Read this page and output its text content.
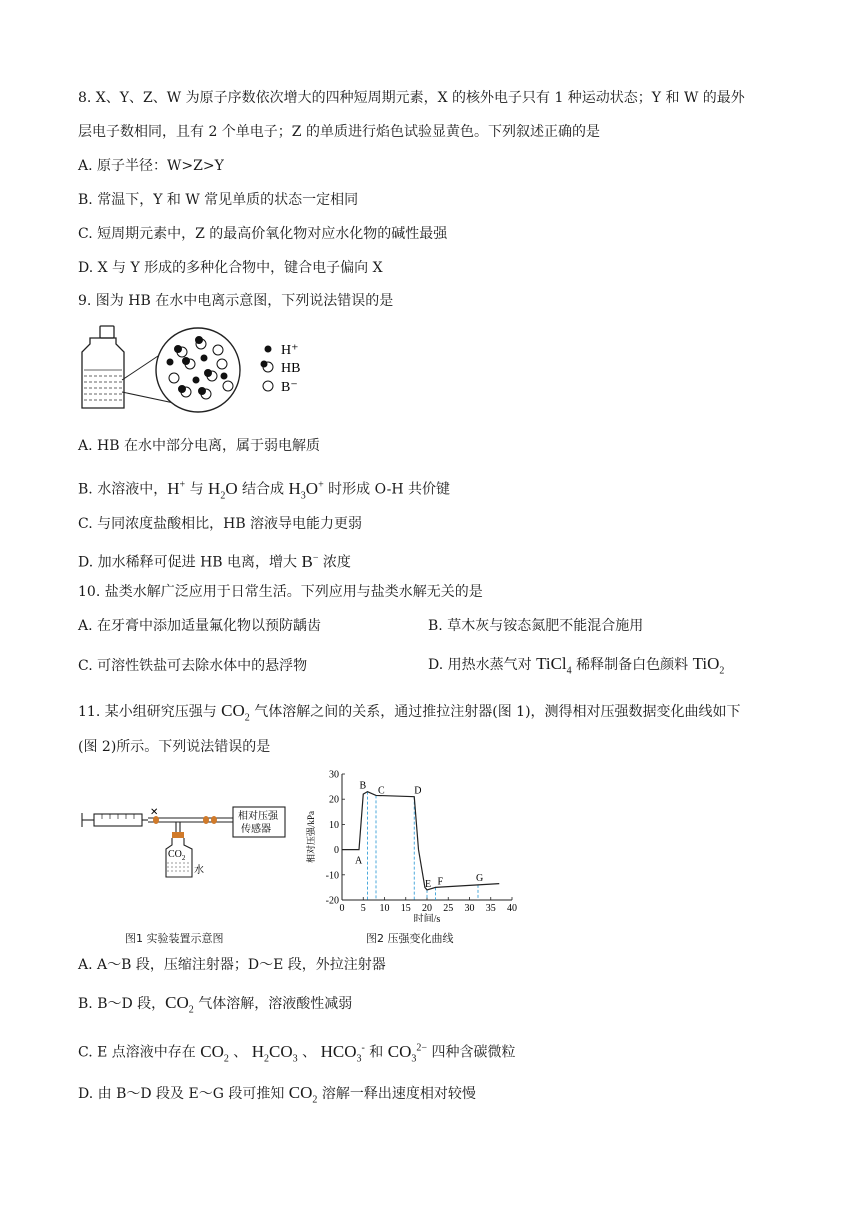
8. X、Y、Z、W 为原子序数依次增大的四种短周期元素，X 的核外电子只有 1 种运动状态；Y 和 W 的最外
层电子数相同，且有 2 个单电子；Z 的单质进行焰色试验显黄色。下列叙述正确的是
A. 原子半径：W>Z>Y
B. 常温下，Y 和 W 常见单质的状态一定相同
C. 短周期元素中，Z 的最高价氧化物对应水化物的碱性最强
D. X 与 Y 形成的多种化合物中，键合电子偏向 X
9. 图为 HB 在水中电离示意图，下列说法错误的是
H⁺
HB
B⁻
A. HB 在水中部分电离，属于弱电解质
B. 水溶液中，H+ 与 $H_2O$ 结合成 $H_3O^+$ 时形成 O-H 共价键
C. 与同浓度盐酸相比，HB 溶液导电能力更弱
D. 加水稀释可促进 HB 电离，增大 B− 浓度
10. 盐类水解广泛应用于日常生活。下列应用与盐类水解无关的是
A. 在牙膏中添加适量氟化物以预防龋齿	B. 草木灰与铵态氮肥不能混合施用
C. 可溶性铁盐可去除水体中的悬浮物	D. 用热水蒸气对 TiCl$_4$ 稀释制备白色颜料 TiO$_2$
11. 某小组研究压强与 $CO_2$ 气体溶解之间的关系，通过推拉注射器(图 1)，测得相对压强数据变化曲线如下
(图 2)所示。下列说法错误的是
✕
$CO_2$
水
相对压强
传感器
图1 实验装置示意图
30
20
10
0
-10
-20
0 5 10 15 20 25 30 35 40
时间/s
相对压强/kPa	A
B C	D
E F	G
图2 压强变化曲线
A. A～B 段，压缩注射器；D～E 段，外拉注射器
B. B～D 段，$CO_2$ 气体溶解，溶液酸性减弱
C. E 点溶液中存在 $CO_2$ 、 $H_2CO_3$ 、 $HCO_3^-$ 和 $CO_3^{2-}$ 四种含碳微粒
D. 由 B～D 段及 E～G 段可推知 $CO_2$ 溶解一释出速度相对较慢
